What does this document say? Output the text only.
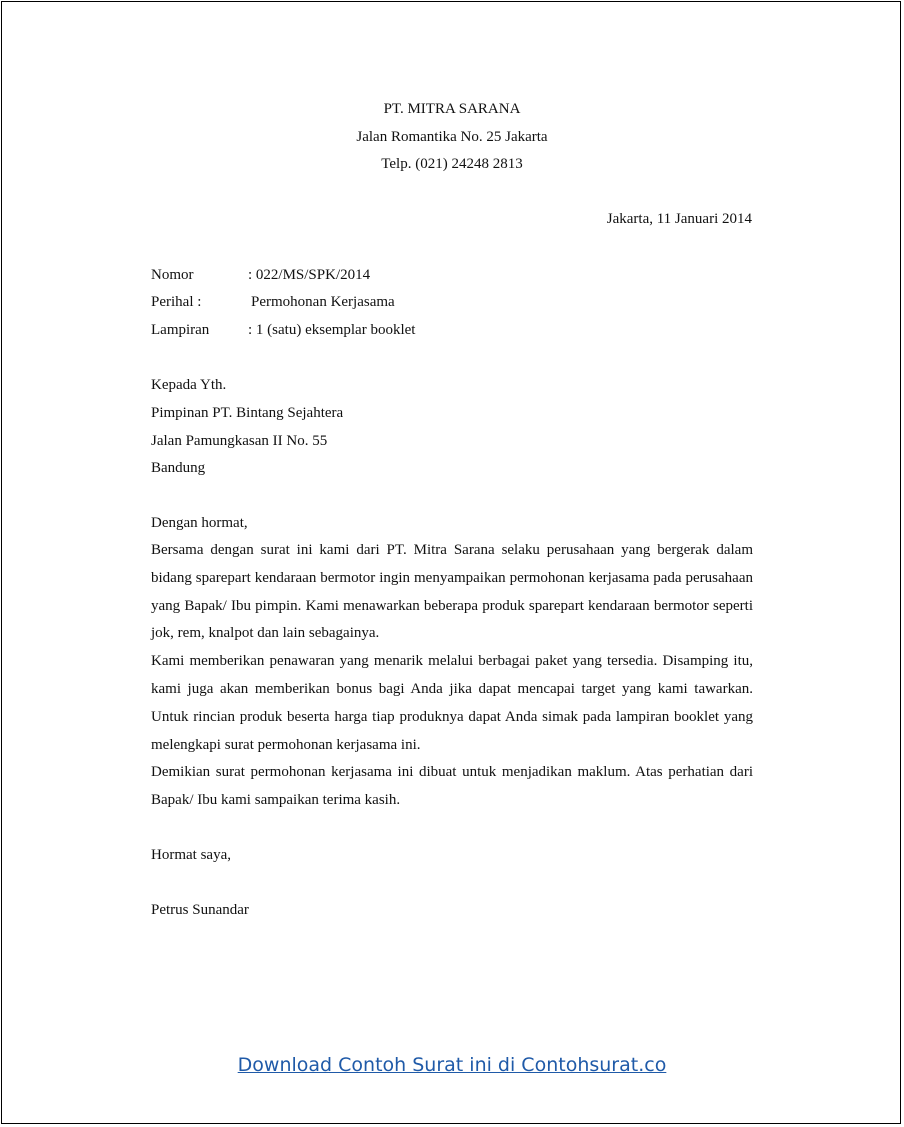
PT. MITRA SARANA
Jalan Romantika No. 25 Jakarta
Telp. (021) 24248 2813
Jakarta, 11 Januari 2014
Nomor	: 022/MS/SPK/2014
Perihal :	Permohonan Kerjasama
Lampiran	: 1 (satu) eksemplar booklet
Kepada Yth.
Pimpinan PT. Bintang Sejahtera
Jalan Pamungkasan II No. 55
Bandung
Dengan hormat,

Bersama dengan surat ini kami dari PT. Mitra Sarana selaku perusahaan yang bergerak dalam bidang sparepart kendaraan bermotor ingin menyampaikan permohonan kerjasama pada perusahaan yang Bapak/ Ibu pimpin. Kami menawarkan beberapa produk sparepart kendaraan bermotor seperti jok, rem, knalpot dan lain sebagainya.

Kami memberikan penawaran yang menarik melalui berbagai paket yang tersedia. Disamping itu, kami juga akan memberikan bonus bagi Anda jika dapat mencapai target yang kami tawarkan. Untuk rincian produk beserta harga tiap produknya dapat Anda simak pada lampiran booklet yang melengkapi surat permohonan kerjasama ini.

Demikian surat permohonan kerjasama ini dibuat untuk menjadikan maklum. Atas perhatian dari Bapak/ Ibu kami sampaikan terima kasih.

Hormat saya,
Petrus Sunandar
Download Contoh Surat ini di Contohsurat.co
